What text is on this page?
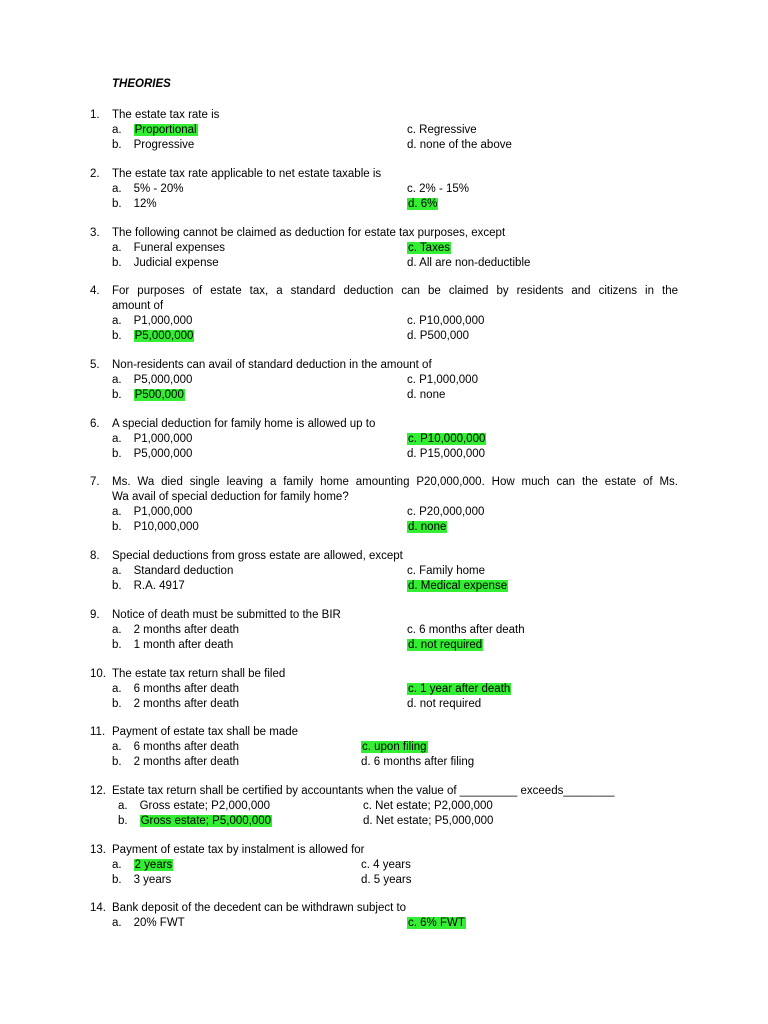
THEORIES
1.	The estate tax rate is
a. Proportional
b. Progressive
c. Regressive
d. none of the above
2.	The estate tax rate applicable to net estate taxable is
a. 5% - 20%
b. 12%
c. 2% - 15%
d. 6%
3.	The following cannot be claimed as deduction for estate tax purposes, except
a. Funeral expenses
b. Judicial expense
c. Taxes
d. All are non-deductible
4.	For purposes of estate tax, a standard deduction can be claimed by residents and citizens in the
amount of
a. P1,000,000
b. P5,000,000
c. P10,000,000
d. P500,000
5.	Non-residents can avail of standard deduction in the amount of
a. P5,000,000
b. P500,000
c. P1,000,000
d. none
6.	A special deduction for family home is allowed up to
a. P1,000,000
b. P5,000,000
c. P10,000,000
d. P15,000,000
7.	Ms. Wa died single leaving a family home amounting P20,000,000. How much can the estate of Ms.
Wa avail of special deduction for family home?
a. P1,000,000
b. P10,000,000
c. P20,000,000
d. none
8.	Special deductions from gross estate are allowed, except
a. Standard deduction
b. R.A. 4917
c. Family home
d. Medical expense
9.	Notice of death must be submitted to the BIR
a. 2 months after death
b. 1 month after death
c. 6 months after death
d. not required
10. The estate tax return shall be filed
a. 6 months after death
b. 2 months after death
c. 1 year after death
d. not required
11. Payment of estate tax shall be made
a. 6 months after death
b. 2 months after death
c. upon filing
d. 6 months after filing
12. Estate tax return shall be certified by accountants when the value of _________ exceeds________
a. Gross estate; P2,000,000
b. Gross estate; P5,000,000
c. Net estate; P2,000,000
d. Net estate; P5,000,000
13. Payment of estate tax by instalment is allowed for
a. 2 years
b. 3 years
c. 4 years
d. 5 years
14. Bank deposit of the decedent can be withdrawn subject to
a. 20% FWT	c. 6% FWT
